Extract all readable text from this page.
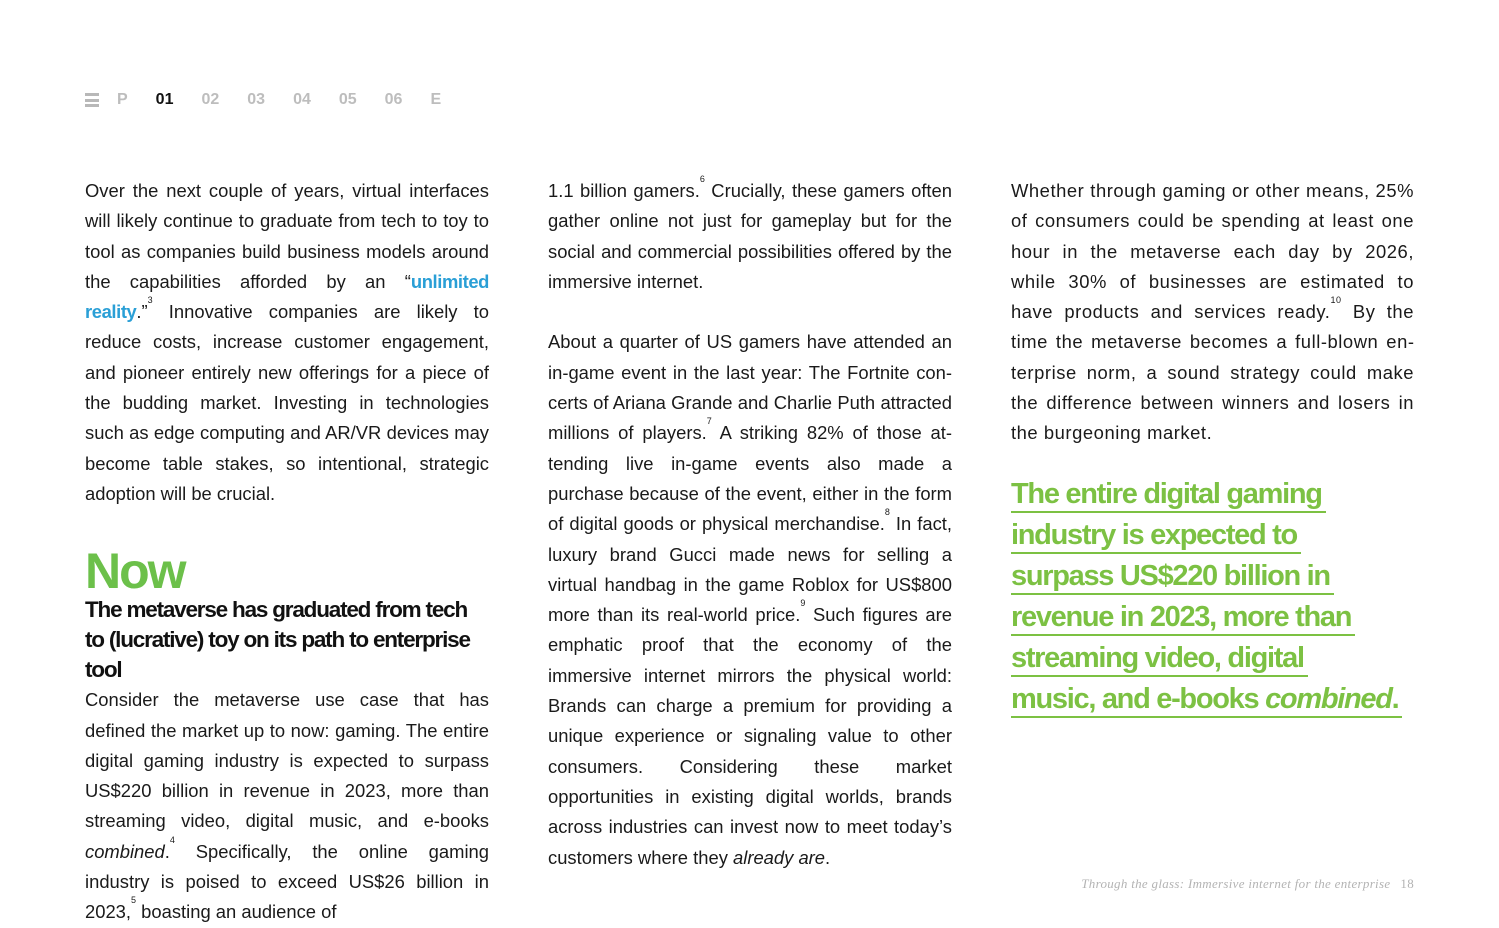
P 01 02 03 04 05 06 E

Over the next couple of years, virtual interfaces will likely continue to graduate from tech to toy to tool as companies build business models around the capabilities afforded by an “unlimited reality.”$^3$ Innovative companies are likely to reduce costs, increase customer engagement, and pioneer entirely new offerings for a piece of the budding market. Investing in technologies such as edge computing and AR/VR devices may become table stakes, so intentional, strategic adoption will be crucial.

Now

The metaverse has graduated from tech to (lucrative) toy on its path to enterprise tool

Consider the metaverse use case that has defined the market up to now: gaming. The entire digital gaming industry is expected to surpass US$220 billion in revenue in 2023, more than streaming video, digital music, and e-books combined.$^4$ Specifically, the online gaming industry is poised to exceed US$26 billion in 2023,$^5$ boasting an audience of

1.1 billion gamers.$^6$ Crucially, these gamers often gather online not just for gameplay but for the social and commercial possibilities offered by the immersive internet.

About a quarter of US gamers have attended an in-game event in the last year: The Fortnite concerts of Ariana Grande and Charlie Puth attracted millions of players.$^7$ A striking 82% of those attending live in-game events also made a purchase because of the event, either in the form of digital goods or physical merchandise.$^8$ In fact, luxury brand Gucci made news for selling a virtual handbag in the game Roblox for US$800 more than its real-world price.$^9$ Such figures are emphatic proof that the economy of the immersive internet mirrors the physical world: Brands can charge a premium for providing a unique experience or signaling value to other consumers. Considering these market opportunities in existing digital worlds, brands across industries can invest now to meet today’s customers where they already are.

Whether through gaming or other means, 25% of consumers could be spending at least one hour in the metaverse each day by 2026, while 30% of businesses are estimated to have products and services ready.$^{10}$ By the time the metaverse becomes a full-blown enterprise norm, a sound strategy could make the difference between winners and losers in the burgeoning market.

The entire digital gaming
industry is expected to
surpass US$220 billion in
revenue in 2023, more than
streaming video, digital
music, and e-books combined.
Through the glass: Immersive internet for the enterprise 18
